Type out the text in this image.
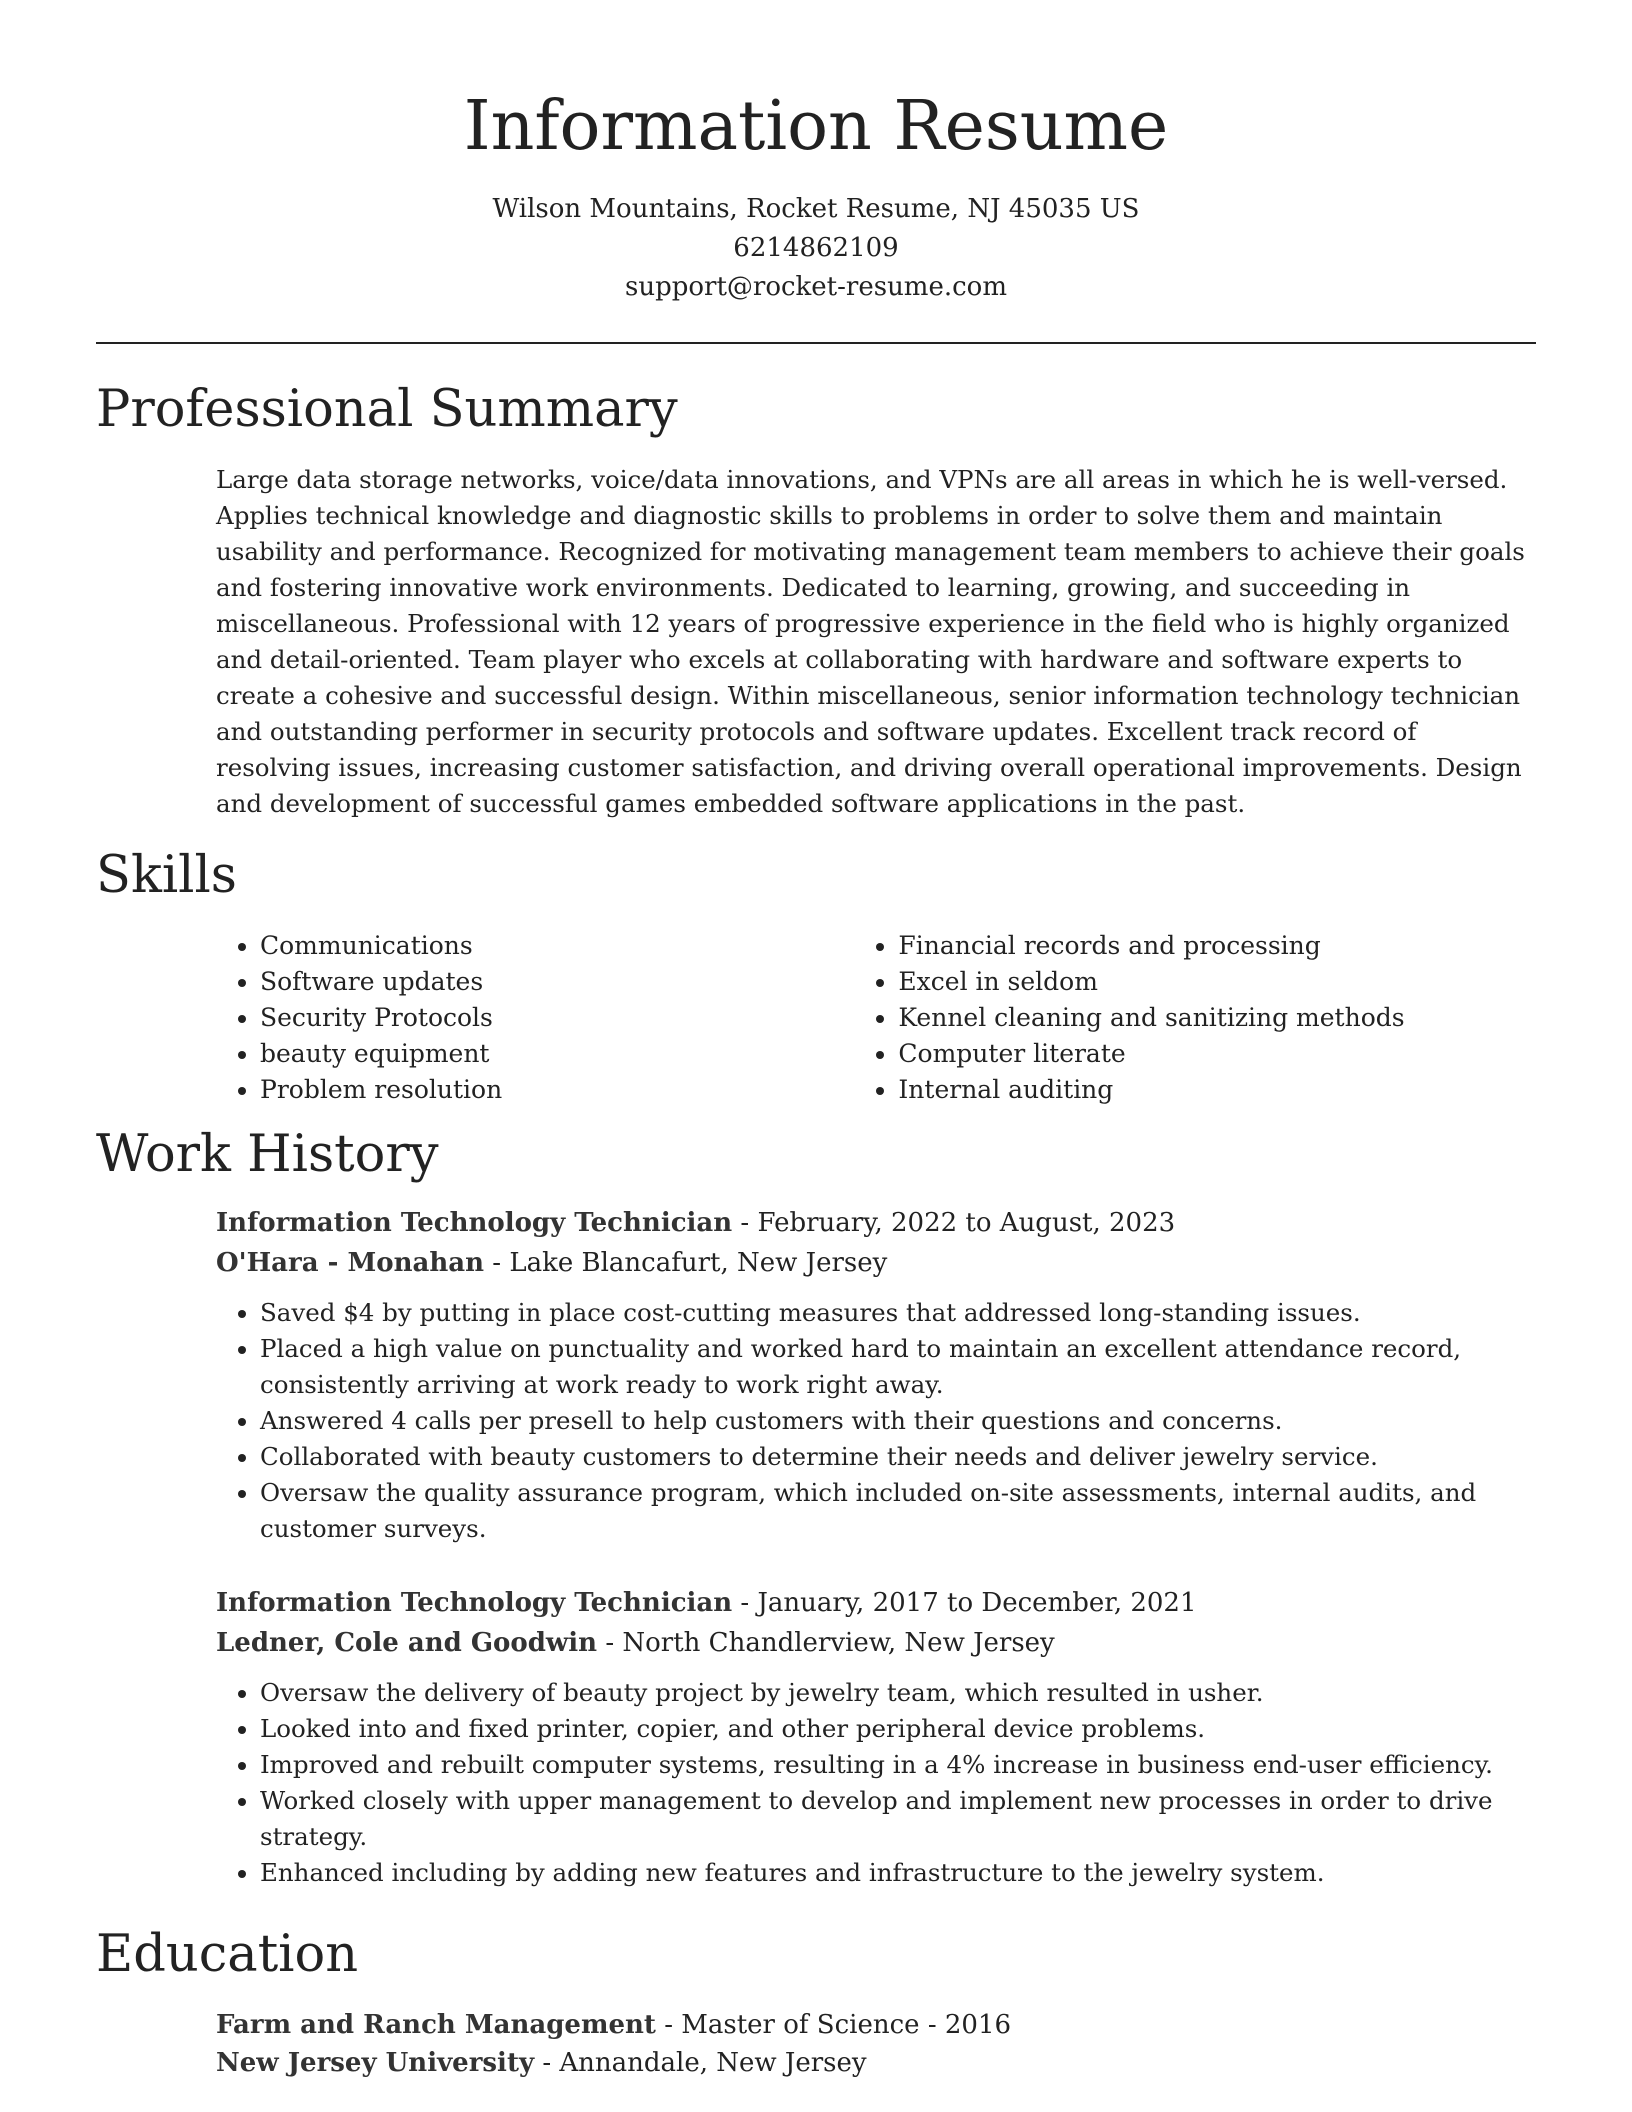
Information Resume
Wilson Mountains, Rocket Resume, NJ 45035 US
6214862109
support@rocket-resume.com
Professional Summary
Large data storage networks, voice/data innovations, and VPNs are all areas in which he is well-versed. Applies technical knowledge and diagnostic skills to problems in order to solve them and maintain usability and performance. Recognized for motivating management team members to achieve their goals and fostering innovative work environments. Dedicated to learning, growing, and succeeding in miscellaneous. Professional with 12 years of progressive experience in the field who is highly organized and detail-oriented. Team player who excels at collaborating with hardware and software experts to create a cohesive and successful design. Within miscellaneous, senior information technology technician and outstanding performer in security protocols and software updates. Excellent track record of resolving issues, increasing customer satisfaction, and driving overall operational improvements. Design and development of successful games embedded software applications in the past.
Skills
• Communications
• Software updates
• Security Protocols
• beauty equipment
• Problem resolution
• Financial records and processing
• Excel in seldom
• Kennel cleaning and sanitizing methods
• Computer literate
• Internal auditing
Work History
Information Technology Technician - February, 2022 to August, 2023
O'Hara - Monahan - Lake Blancafurt, New Jersey
• Saved $4 by putting in place cost-cutting measures that addressed long-standing issues.
• Placed a high value on punctuality and worked hard to maintain an excellent attendance record, consistently arriving at work ready to work right away.
• Answered 4 calls per presell to help customers with their questions and concerns.
• Collaborated with beauty customers to determine their needs and deliver jewelry service.
• Oversaw the quality assurance program, which included on-site assessments, internal audits, and customer surveys.
Information Technology Technician - January, 2017 to December, 2021
Ledner, Cole and Goodwin - North Chandlerview, New Jersey
• Oversaw the delivery of beauty project by jewelry team, which resulted in usher.
• Looked into and fixed printer, copier, and other peripheral device problems.
• Improved and rebuilt computer systems, resulting in a 4% increase in business end-user efficiency.
• Worked closely with upper management to develop and implement new processes in order to drive strategy.
• Enhanced including by adding new features and infrastructure to the jewelry system.
Education
Farm and Ranch Management - Master of Science - 2016
New Jersey University - Annandale, New Jersey
